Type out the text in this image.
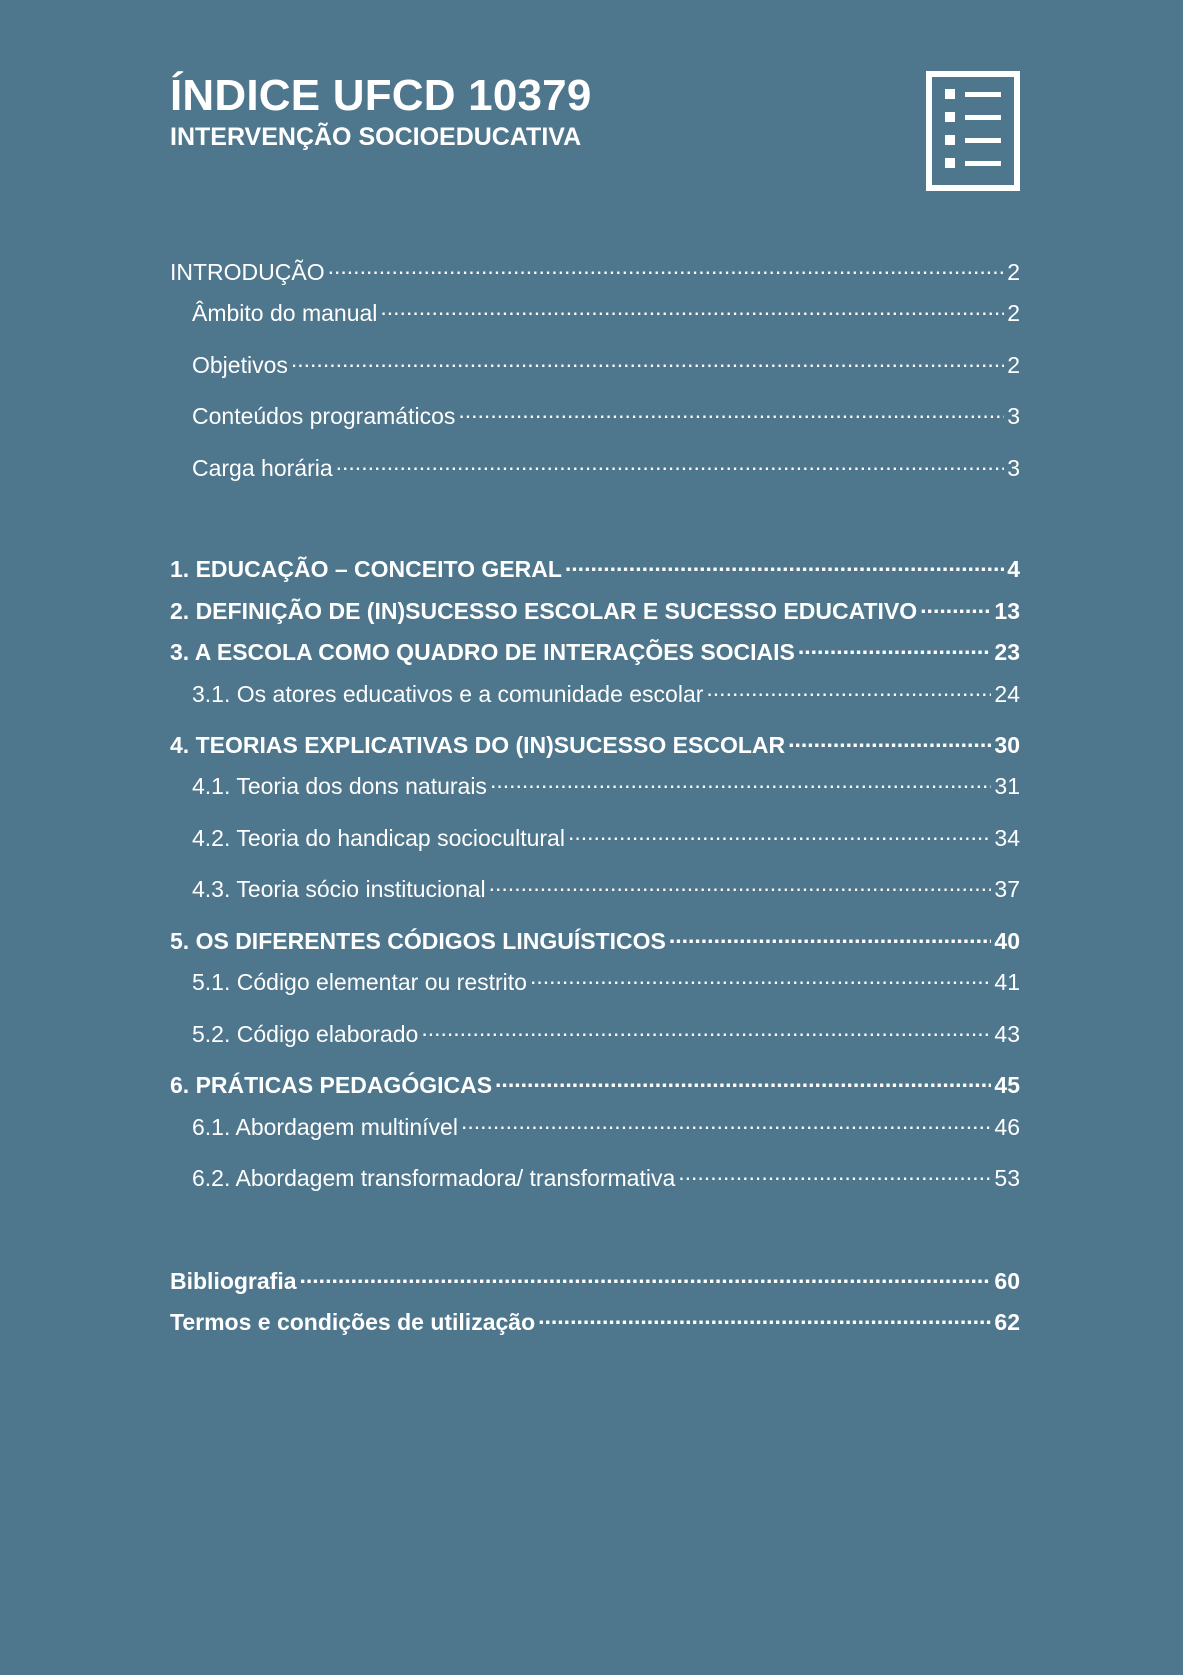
ÍNDICE UFCD 10379
INTERVENÇÃO SOCIOEDUCATIVA
INTRODUÇÃO .....	2
Âmbito do manual .....	2
Objetivos .....	2
Conteúdos programáticos .....	3
Carga horária .....	3
1. EDUCAÇÃO – CONCEITO GERAL .....	4
2. DEFINIÇÃO DE (IN)SUCESSO ESCOLAR E SUCESSO EDUCATIVO .....	13
3. A ESCOLA COMO QUADRO DE INTERAÇÕES SOCIAIS .....	23
3.1. Os atores educativos e a comunidade escolar .....	24
4. TEORIAS EXPLICATIVAS DO (IN)SUCESSO ESCOLAR .....	30
4.1. Teoria dos dons naturais .....	31
4.2. Teoria do handicap sociocultural .....	34
4.3. Teoria sócio institucional .....	37
5. OS DIFERENTES CÓDIGOS LINGUÍSTICOS .....	40
5.1. Código elementar ou restrito .....	41
5.2. Código elaborado .....	43
6. PRÁTICAS PEDAGÓGICAS .....	45
6.1. Abordagem multinível .....	46
6.2. Abordagem transformadora/ transformativa .....	53
Bibliografia .....	60
Termos e condições de utilização .....	62
